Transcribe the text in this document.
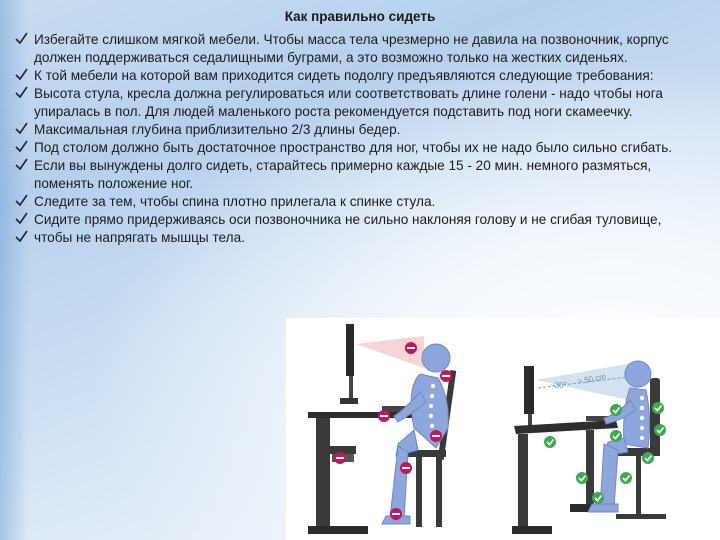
Как правильно сидеть
Избегайте слишком мягкой мебели. Чтобы масса тела чрезмерно не давила на позвоночник, корпус должен поддерживаться седалищными буграми, а это возможно только на жестких сиденьях.
К той мебели на которой вам приходится сидеть подолгу предъявляются следующие требования:
Высота стула, кресла должна регулироваться или соответствовать длине голени - надо чтобы нога упиралась в пол. Для людей маленького роста рекомендуется подставить под ноги скамеечку.
Максимальная глубина приблизительно 2/3 длины бедер.
Под столом должно быть достаточное пространство для ног, чтобы их не надо было сильно сгибать.
Если вы вынуждены долго сидеть, старайтесь примерно каждые 15 - 20 мин. немного размяться, поменять положение ног.
Следите за тем, чтобы спина плотно прилегала к спинке стула.
Сидите прямо придерживаясь оси позвоночника не сильно наклоняя голову и не сгибая туловище,
чтобы не напрягать мышцы тела.
~30° > 50 cm
